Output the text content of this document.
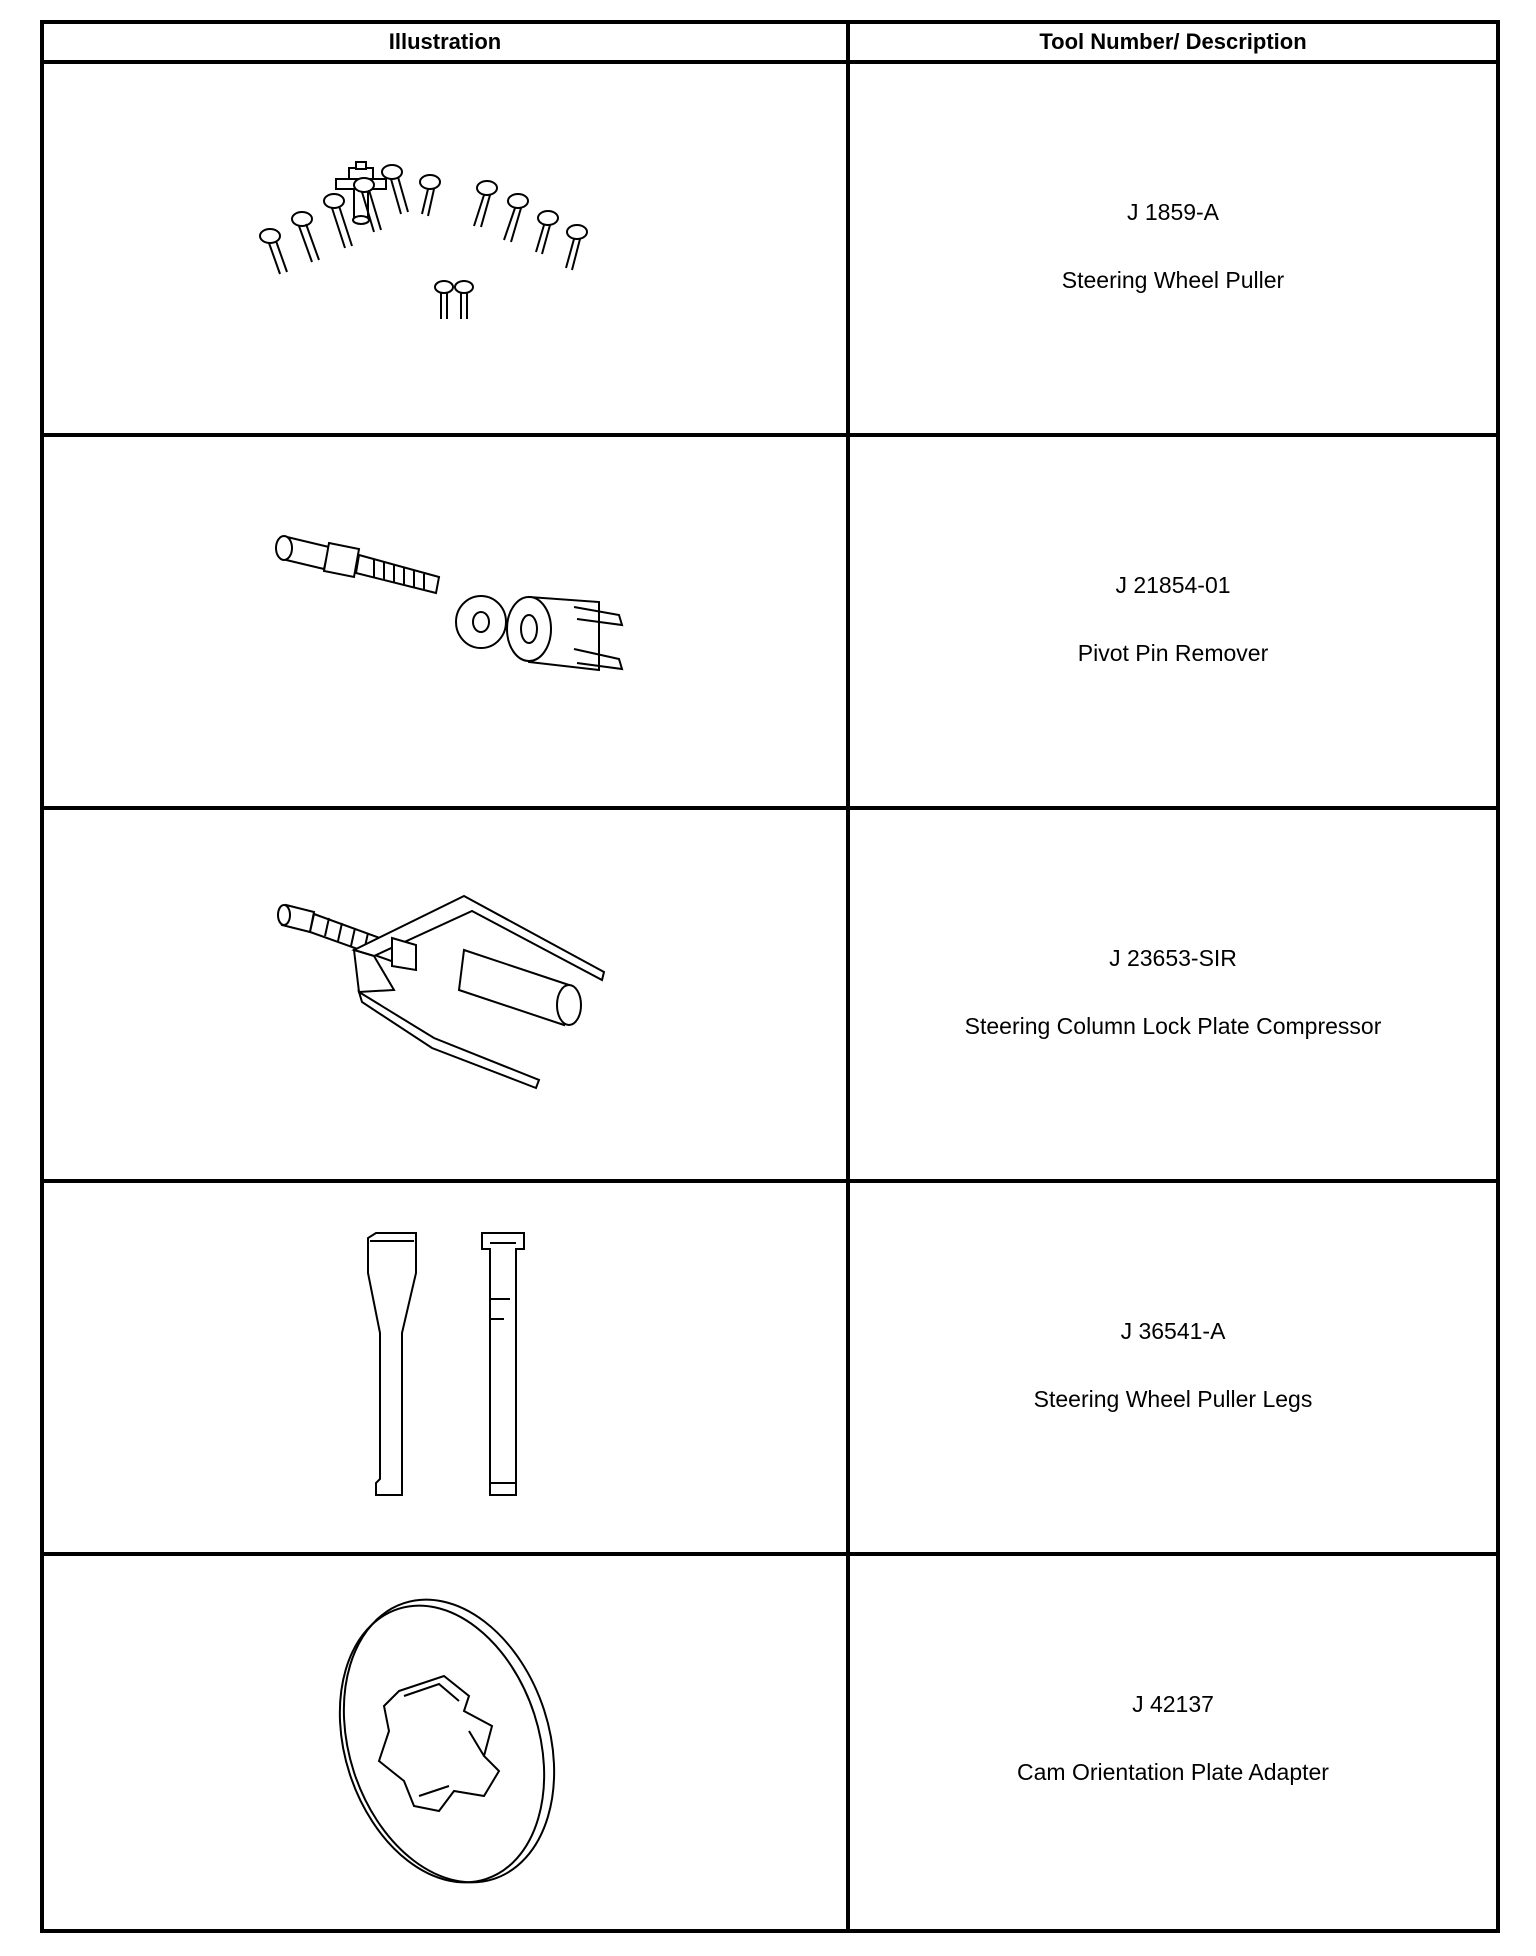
Illustration	Tool Number/ Description
J 1859-A
Steering Wheel Puller
J 21854-01
Pivot Pin Remover
J 23653-SIR
Steering Column Lock Plate Compressor
J 36541-A
Steering Wheel Puller Legs
J 42137
Cam Orientation Plate Adapter
